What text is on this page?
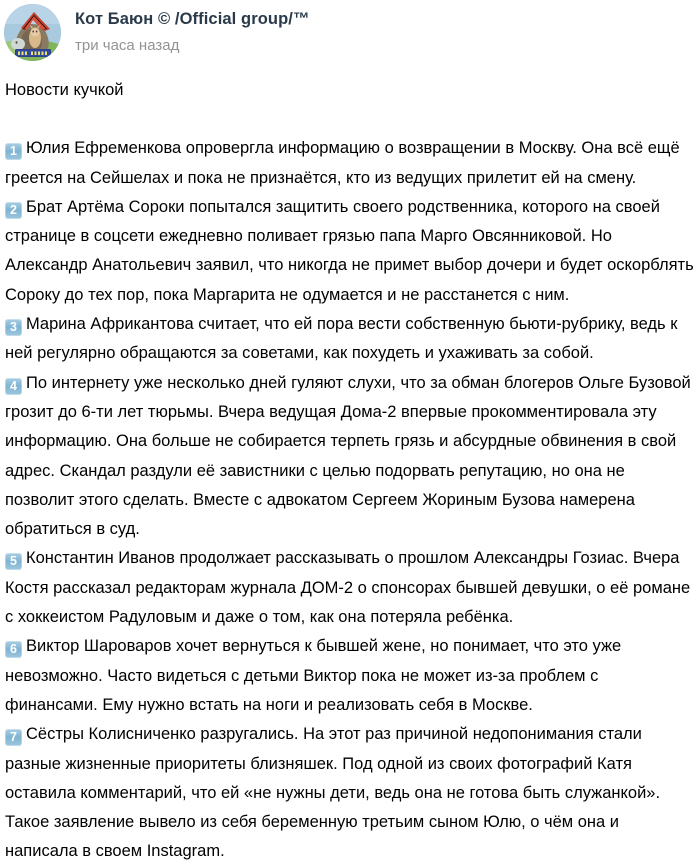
Кот Баюн © /Official group/™
три часа назад
Новости кучкой
1 Юлия Ефременкова опровергла информацию о возвращении в Москву. Она всё ещё греется на Сейшелах и пока не признаётся, кто из ведущих прилетит ей на смену.
2 Брат Артёма Сороки попытался защитить своего родственника, которого на своей странице в соцсети ежедневно поливает грязью папа Марго Овсянниковой. Но Александр Анатольевич заявил, что никогда не примет выбор дочери и будет оскорблять Сороку до тех пор, пока Маргарита не одумается и не расстанется с ним.
3 Марина Африкантова считает, что ей пора вести собственную бьюти-рубрику, ведь к ней регулярно обращаются за советами, как похудеть и ухаживать за собой.
4 По интернету уже несколько дней гуляют слухи, что за обман блогеров Ольге Бузовой грозит до 6-ти лет тюрьмы. Вчера ведущая Дома-2 впервые прокомментировала эту информацию. Она больше не собирается терпеть грязь и абсурдные обвинения в свой адрес. Скандал раздули её завистники с целью подорвать репутацию, но она не позволит этого сделать. Вместе с адвокатом Сергеем Жориным Бузова намерена обратиться в суд.
5 Константин Иванов продолжает рассказывать о прошлом Александры Гозиас. Вчера Костя рассказал редакторам журнала ДОМ-2 о спонсорах бывшей девушки, о её романе с хоккеистом Радуловым и даже о том, как она потеряла ребёнка.
6 Виктор Шароваров хочет вернуться к бывшей жене, но понимает, что это уже невозможно. Часто видеться с детьми Виктор пока не может из-за проблем с финансами. Ему нужно встать на ноги и реализовать себя в Москве.
7 Сёстры Колисниченко разругались. На этот раз причиной недопонимания стали разные жизненные приоритеты близняшек. Под одной из своих фотографий Катя оставила комментарий, что ей «не нужны дети, ведь она не готова быть служанкой». Такое заявление вывело из себя беременную третьим сыном Юлю, о чём она и написала в своем Instagram.
